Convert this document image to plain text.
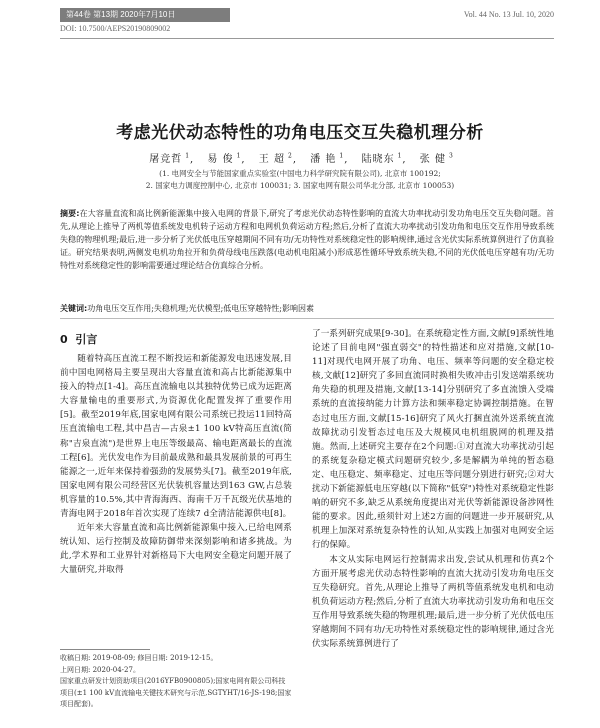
第44卷 第13期 2020年7月10日	Vol. 44 No. 13 Jul. 10, 2020
DOI: 10.7500/AEPS20190809002
考虑光伏动态特性的功角电压交互失稳机理分析
屠竞哲 $^1$, 易 俊 $^1$, 王 超 $^2$, 潘 艳 $^1$, 陆晓东 $^1$, 张 健 $^3$
(1. 电网安全与节能国家重点实验室(中国电力科学研究院有限公司), 北京市 100192;
2. 国家电力调度控制中心, 北京市 100031; 3. 国家电网有限公司华北分部, 北京市 100053)
摘要:在大容量直流和高比例新能源集中接入电网的背景下,研究了考虑光伏动态特性影响的直流大功率扰动引发功角电压交互失稳问题。首先,从理论上推导了两机等值系统发电机转子运动方程和电网机负荷运动方程;然后,分析了直流大功率扰动引发功角和电压交互作用导致系统失稳的物理机理;最后,进一步分析了光伏低电压穿越期间不同有功/无功特性对系统稳定性的影响规律,通过含光伏实际系统算例进行了仿真验证。研究结果表明,两侧发电机功角拉开和负荷母线电压跌落(电动机电阻减小)形成恶性循环导致系统失稳,不同的光伏低电压穿越有功/无功特性对系统稳定性的影响需要通过理论结合仿真综合分析。
关键词:功角电压交互作用;失稳机理;光伏模型;低电压穿越特性;影响因素
0 引言

随着特高压直流工程不断投运和新能源发电迅速发展,目前中国电网格局主要呈现出大容量直流和高占比新能源集中接入的特点[1-4]。高压直流输电以其独特优势已成为远距离大容量输电的重要形式,为资源优化配置发挥了重要作用[5]。截至2019年底,国家电网有限公司系统已投运11回特高压直流输电工程,其中昌吉—古泉±1 100 kV特高压直流(简称"吉泉直流")是世界上电压等级最高、输电距离最长的直流工程[6]。光伏发电作为目前最成熟和最具发展前景的可再生能源之一,近年来保持着强劲的发展势头[7]。截至2019年底,国家电网有限公司经营区光伏装机容量达到163 GW,占总装机容量的10.5%,其中青海海西、海南千万千瓦级光伏基地的青海电网于2018年首次实现了连续7 d全清洁能源供电[8]。

近年来大容量直流和高比例新能源集中接入,已给电网系统认知、运行控制及故障防御带来深刻影响和诸多挑战。为此,学术界和工业界针对新格局下大电网安全稳定问题开展了大量研究,并取得

了一系列研究成果[9-30]。在系统稳定性方面,文献[9]系统性地论述了目前电网"强直弱交"的特性描述和应对措施,文献[10-11]对现代电网开展了功角、电压、频率等问题的安全稳定校核,文献[12]研究了多回直流同时换相失败冲击引发送端系统功角失稳的机理及措施,文献[13-14]分别研究了多直流馈入受端系统的直流接纳能力计算方法和频率稳定协调控制措施。在智态过电压方面,文献[15-16]研究了风火打捆直流外送系统直流故障扰动引发暂态过电压及大规模风电机组脱网的机理及措施。然而,上述研究主要存在2个问题:①对直流大功率扰动引起的系统复杂稳定模式问题研究较少,多是解耦为单纯的暂态稳定、电压稳定、频率稳定、过电压等问题分别进行研究;②对大扰动下新能源低电压穿越(以下简称"低穿")特性对系统稳定性影响的研究不多,缺乏从系统角度提出对光伏等新能源设备涉网性能的要求。因此,亟须针对上述2方面的问题进一步开展研究,从机理上加深对系统复杂特性的认知,从实践上加强对电网安全运行的保障。

本文从实际电网运行控制需求出发,尝试从机理和仿真2个方面开展考虑光伏动态特性影响的直流大扰动引发功角电压交互失稳研究。首先,从理论上推导了两机等值系统发电机和电动机负荷运动方程;然后,分析了直流大功率扰动引发功角和电压交互作用导致系统失稳的物理机理;最后,进一步分析了光伏低电压穿越期间不同有功/无功特性对系统稳定性的影响规律,通过含光伏实际系统算例进行了

收稿日期: 2019-08-09; 修回日期: 2019-12-15。
上网日期: 2020-04-27。
国家重点研发计划资助项目(2016YFB0900805);国家电网有限公司科技项目(±1 100 kV直流输电关键技术研究与示范,SGTYHT/16-JS-198;国家项目配套)。
